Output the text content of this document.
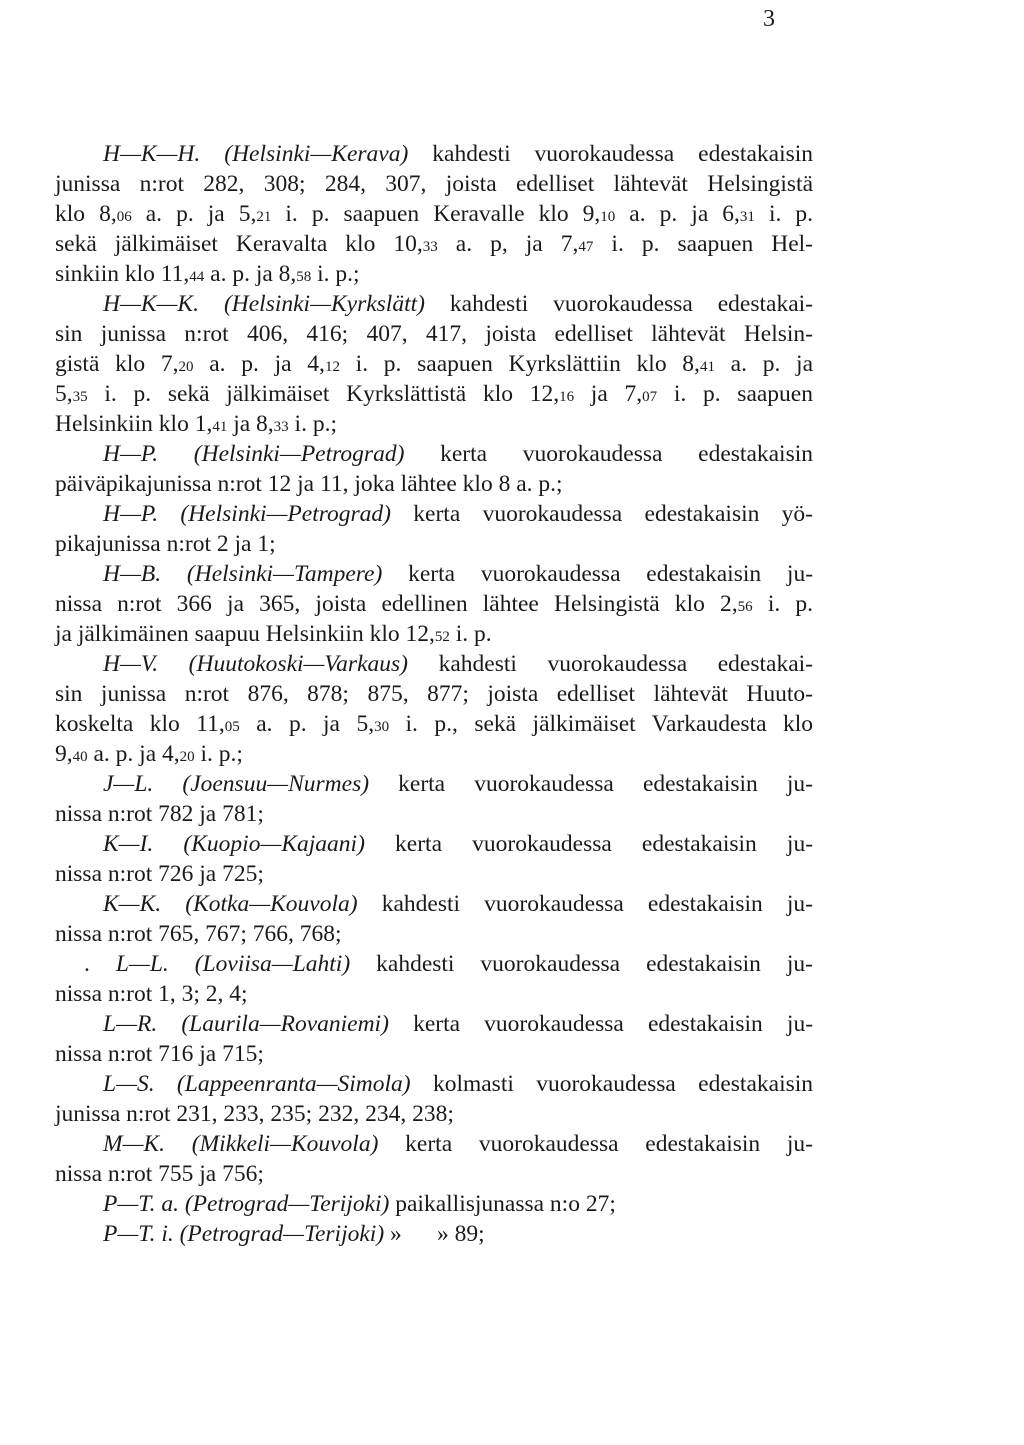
3
H—K—H. (Helsinki—Kerava) kahdesti vuorokaudessa edestakaisin
junissa n:rot 282, 308; 284, 307, joista edelliset lähtevät Helsingistä
klo 8,06 a. p. ja 5,21 i. p. saapuen Keravalle klo 9,10 a. p. ja 6,31 i. p.
sekä jälkimäiset Keravalta klo 10,33 a. p, ja 7,47 i. p. saapuen Hel-
sinkiin klo 11,44 a. p. ja 8,58 i. p.;
H—K—K. (Helsinki—Kyrkslätt) kahdesti vuorokaudessa edestakai-
sin junissa n:rot 406, 416; 407, 417, joista edelliset lähtevät Helsin-
gistä klo 7,20 a. p. ja 4,12 i. p. saapuen Kyrkslättiin klo 8,41 a. p. ja
5,35 i. p. sekä jälkimäiset Kyrkslättistä klo 12,16 ja 7,07 i. p. saapuen
Helsinkiin klo 1,41 ja 8,33 i. p.;
H—P. (Helsinki—Petrograd) kerta vuorokaudessa edestakaisin
päiväpikajunissa n:rot 12 ja 11, joka lähtee klo 8 a. p.;
H—P. (Helsinki—Petrograd) kerta vuorokaudessa edestakaisin yö-
pikajunissa n:rot 2 ja 1;
H—B. (Helsinki—Tampere) kerta vuorokaudessa edestakaisin ju-
nissa n:rot 366 ja 365, joista edellinen lähtee Helsingistä klo 2,56 i. p.
ja jälkimäinen saapuu Helsinkiin klo 12,52 i. p.
H—V. (Huutokoski—Varkaus) kahdesti vuorokaudessa edestakai-
sin junissa n:rot 876, 878; 875, 877; joista edelliset lähtevät Huuto-
koskelta klo 11,05 a. p. ja 5,30 i. p., sekä jälkimäiset Varkaudesta klo
9,40 a. p. ja 4,20 i. p.;
J—L. (Joensuu—Nurmes) kerta vuorokaudessa edestakaisin ju-
nissa n:rot 782 ja 781;
K—I. (Kuopio—Kajaani) kerta vuorokaudessa edestakaisin ju-
nissa n:rot 726 ja 725;
K—K. (Kotka—Kouvola) kahdesti vuorokaudessa edestakaisin ju-
nissa n:rot 765, 767; 766, 768;
. L—L. (Loviisa—Lahti) kahdesti vuorokaudessa edestakaisin ju-
nissa n:rot 1, 3; 2, 4;
L—R. (Laurila—Rovaniemi) kerta vuorokaudessa edestakaisin ju-
nissa n:rot 716 ja 715;
L—S. (Lappeenranta—Simola) kolmasti vuorokaudessa edestakaisin
junissa n:rot 231, 233, 235; 232, 234, 238;
M—K. (Mikkeli—Kouvola) kerta vuorokaudessa edestakaisin ju-
nissa n:rot 755 ja 756;
P—T. a. (Petrograd—Terijoki) paikallisjunassa n:o 27;
P—T. i. (Petrograd—Terijoki) »      » 89;
